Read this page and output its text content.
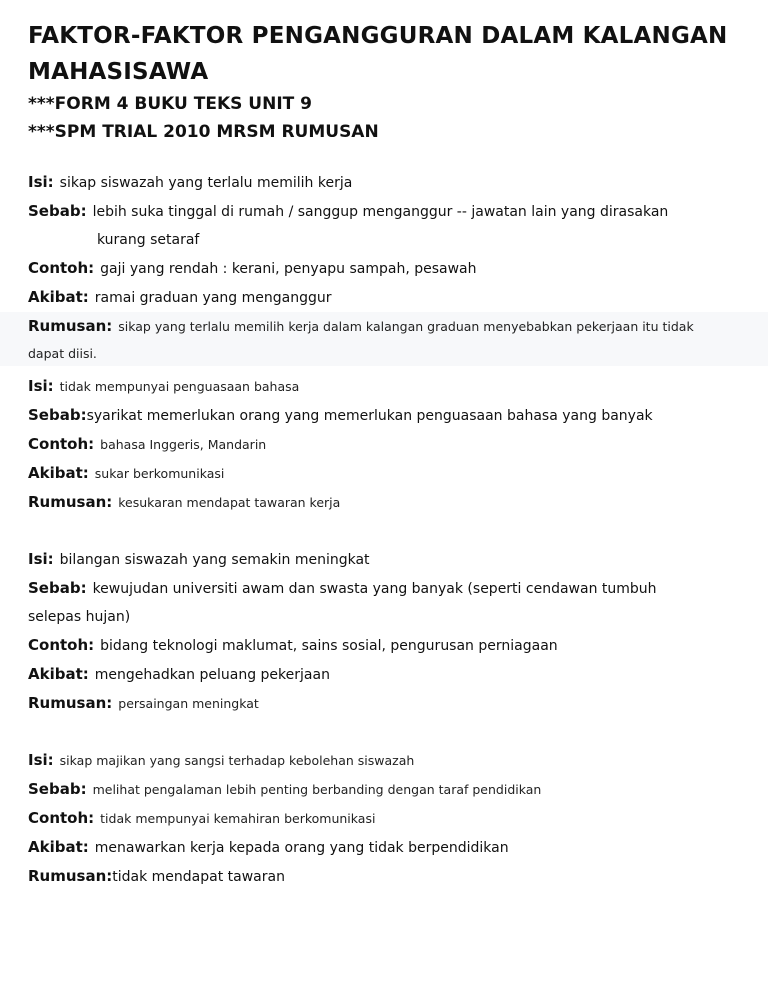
FAKTOR-FAKTOR PENGANGGURAN DALAM KALANGAN
MAHASISAWA
***FORM 4 BUKU TEKS UNIT 9
***SPM TRIAL 2010 MRSM RUMUSAN
Isi: sikap siswazah yang terlalu memilih kerja
Sebab: lebih suka tinggal di rumah / sanggup menganggur -- jawatan lain yang dirasakan
kurang setaraf
Contoh: gaji yang rendah : kerani, penyapu sampah, pesawah
Akibat: ramai graduan yang menganggur
Rumusan: sikap yang terlalu memilih kerja dalam kalangan graduan menyebabkan pekerjaan itu tidak
dapat diisi.
Isi: tidak mempunyai penguasaan bahasa
Sebab: syarikat memerlukan orang yang memerlukan penguasaan bahasa yang banyak
Contoh: bahasa Inggeris, Mandarin
Akibat: sukar berkomunikasi
Rumusan: kesukaran mendapat tawaran kerja
Isi: bilangan siswazah yang semakin meningkat
Sebab: kewujudan universiti awam dan swasta yang banyak (seperti cendawan tumbuh
selepas hujan)
Contoh: bidang teknologi maklumat, sains sosial, pengurusan perniagaan
Akibat: mengehadkan peluang pekerjaan
Rumusan: persaingan meningkat
Isi: sikap majikan yang sangsi terhadap kebolehan siswazah
Sebab: melihat pengalaman lebih penting berbanding dengan taraf pendidikan
Contoh: tidak mempunyai kemahiran berkomunikasi
Akibat: menawarkan kerja kepada orang yang tidak berpendidikan
Rumusan: tidak mendapat tawaran
